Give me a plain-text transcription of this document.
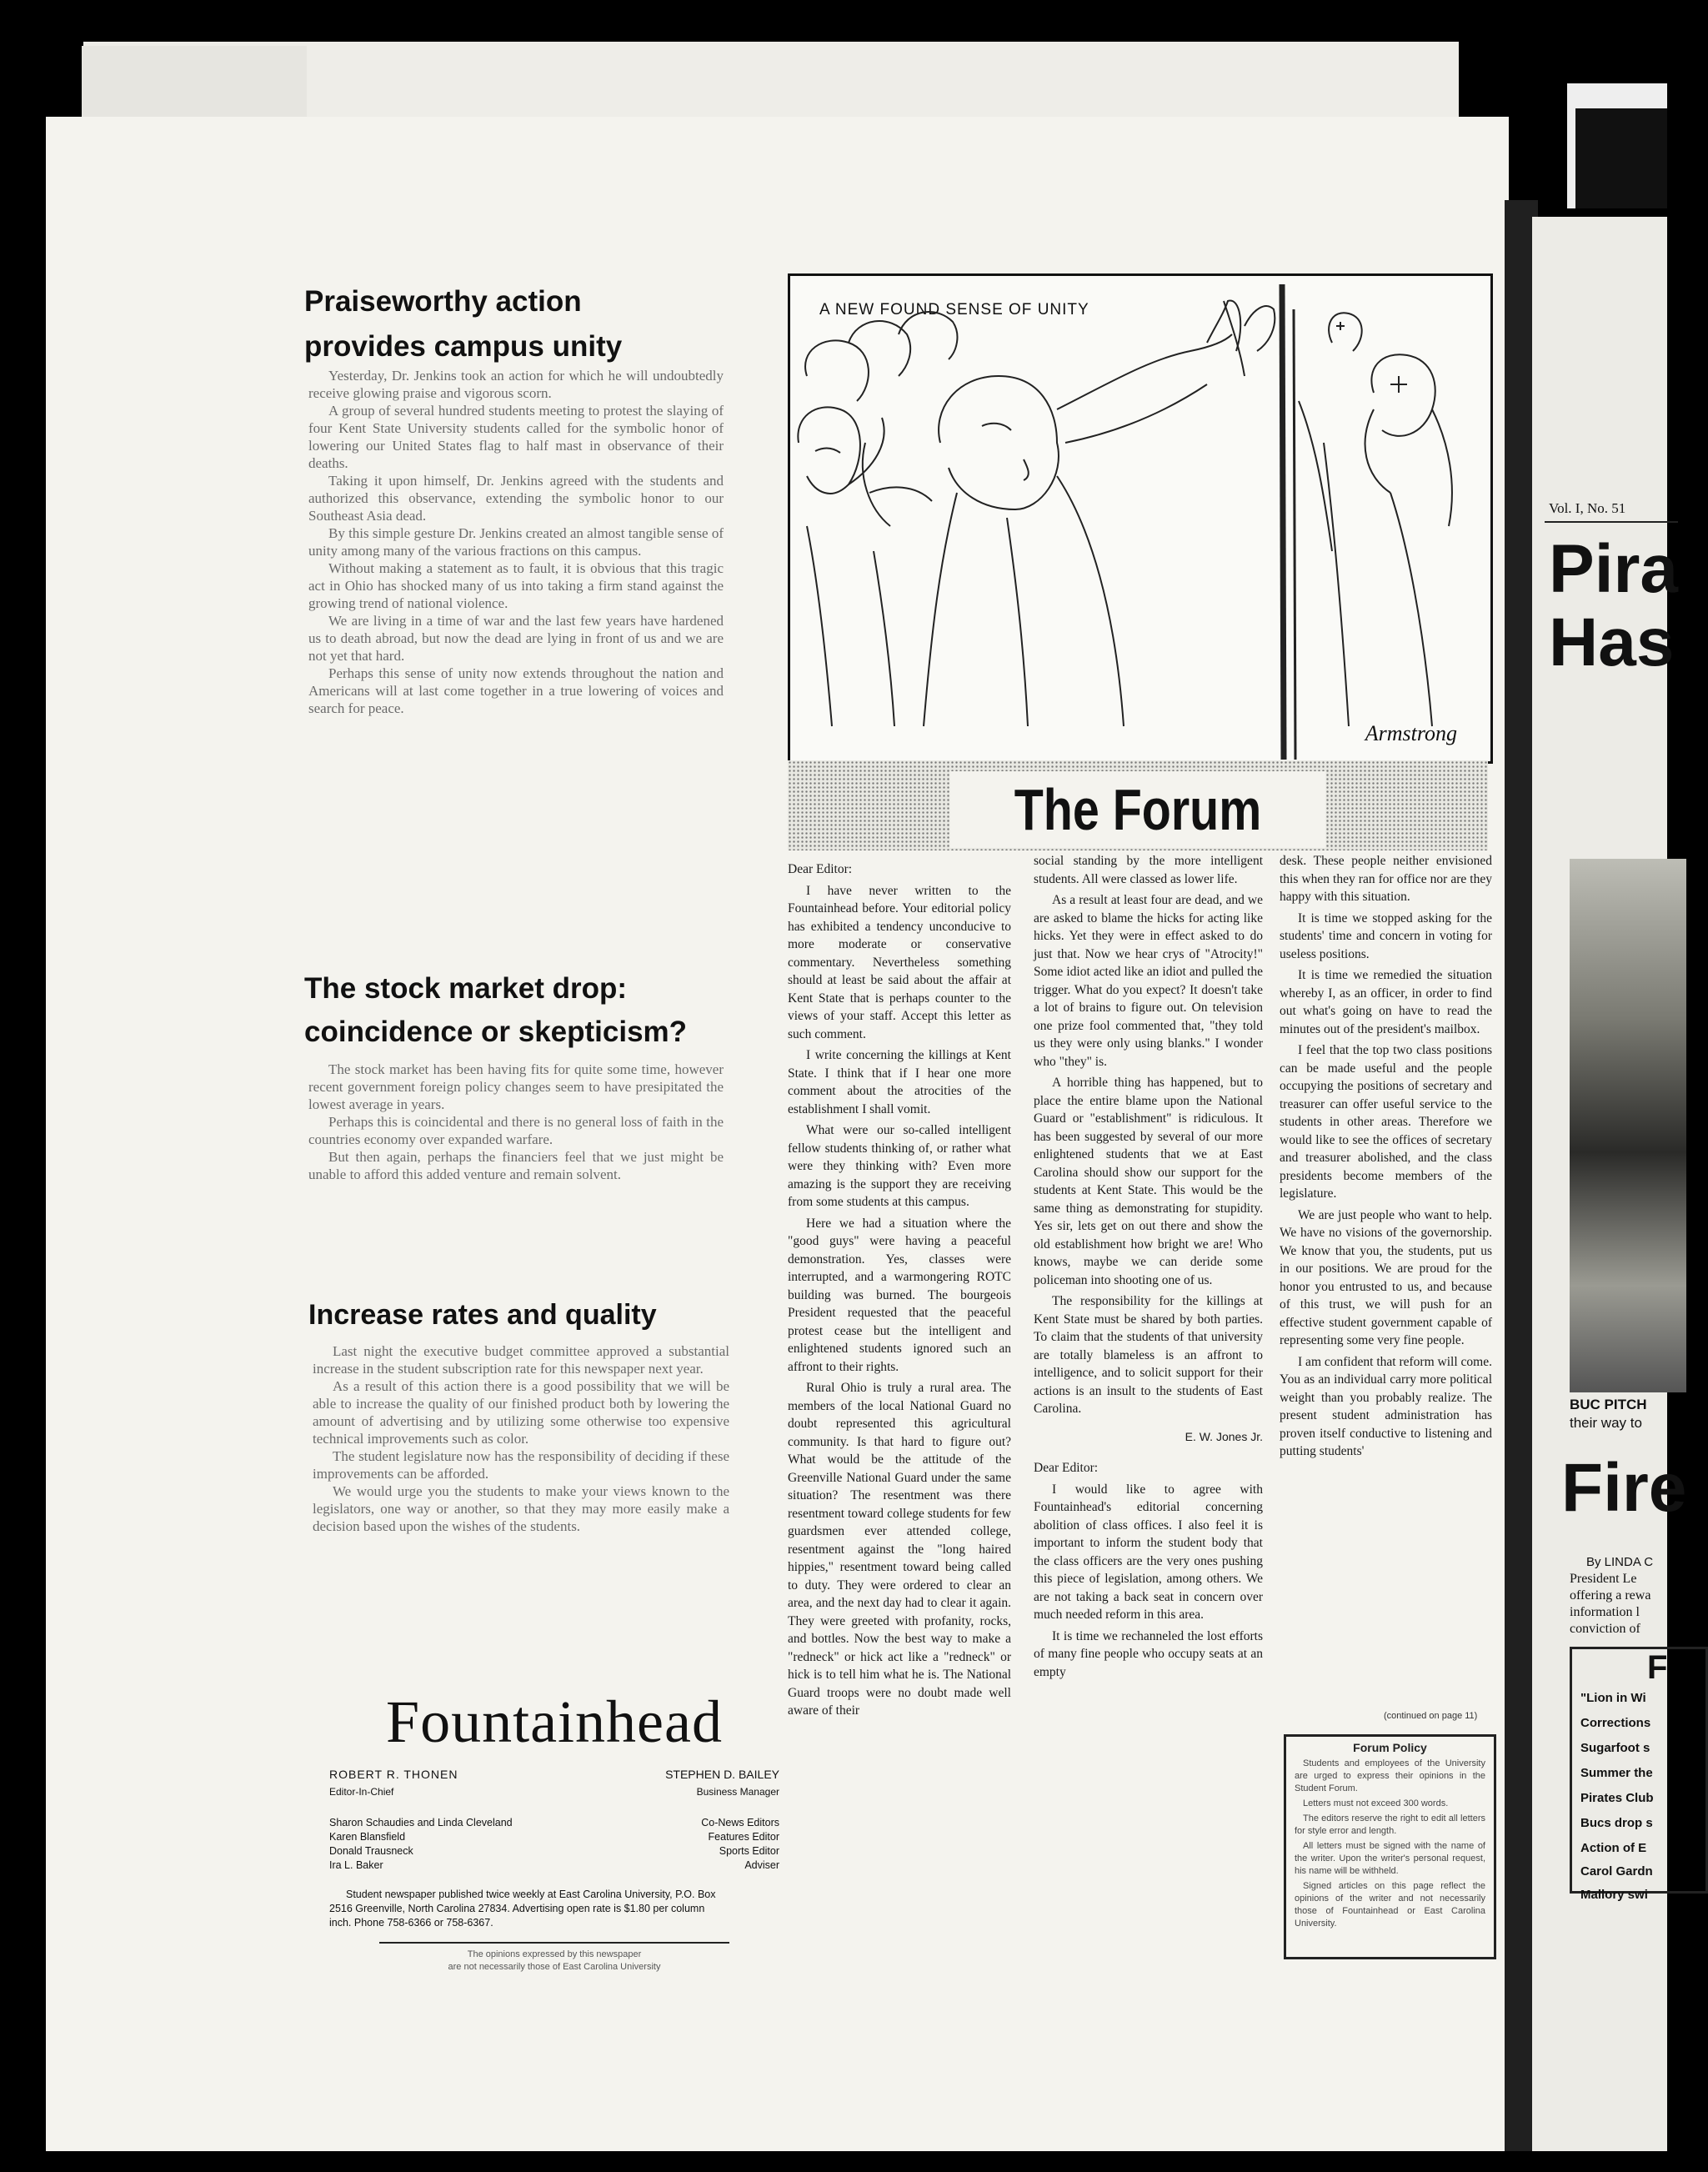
Praiseworthy action
provides campus unity

Yesterday, Dr. Jenkins took an action for which he will undoubtedly receive glowing praise and vigorous scorn.

A group of several hundred students meeting to protest the slaying of four Kent State University students called for the symbolic honor of lowering our United States flag to half mast in observance of their deaths.

Taking it upon himself, Dr. Jenkins agreed with the students and authorized this observance, extending the symbolic honor to our Southeast Asia dead.

By this simple gesture Dr. Jenkins created an almost tangible sense of unity among many of the various fractions on this campus.

Without making a statement as to fault, it is obvious that this tragic act in Ohio has shocked many of us into taking a firm stand against the growing trend of national violence.

We are living in a time of war and the last few years have hardened us to death abroad, but now the dead are lying in front of us and we are not yet that hard.

Perhaps this sense of unity now extends throughout the nation and Americans will at last come together in a true lowering of voices and search for peace.

The stock market drop:
coincidence or skepticism?

The stock market has been having fits for quite some time, however recent government foreign policy changes seem to have presipitated the lowest average in years.

Perhaps this is coincidental and there is no general loss of faith in the countries economy over expanded warfare.

But then again, perhaps the financiers feel that we just might be unable to afford this added venture and remain solvent.

Increase rates and quality

Last night the executive budget committee approved a substantial increase in the student subscription rate for this newspaper next year.

As a result of this action there is a good possibility that we will be able to increase the quality of our finished product both by lowering the amount of advertising and by utilizing some otherwise too expensive technical improvements such as color.

The student legislature now has the responsibility of deciding if these improvements can be afforded.

We would urge you the students to make your views known to the legislators, one way or another, so that they may more easily make a decision based upon the wishes of the students.

Fountainhead
ROBERT R. THONEN
Editor-In-Chief
STEPHEN D. BAILEY
Business Manager
Sharon Schaudies and Linda Cleveland	Co-News Editors
Karen Blansfield	Features Editor
Donald Trausneck	Sports Editor
Ira L. Baker	Adviser
Student newspaper published twice weekly at East Carolina University, P.O. Box 2516 Greenville, North Carolina 27834. Advertising open rate is $1.80 per column inch. Phone 758-6366 or 758-6367.
The opinions expressed by this newspaper
are not necessarily those of East Carolina University
A NEW FOUND SENSE OF UNITY
Armstrong
The Forum

Dear Editor:

I have never written to the Fountainhead before. Your editorial policy has exhibited a tendency unconducive to more moderate or conservative commentary. Nevertheless something should at least be said about the affair at Kent State that is perhaps counter to the views of your staff. Accept this letter as such comment.

I write concerning the killings at Kent State. I think that if I hear one more comment about the atrocities of the establishment I shall vomit.

What were our so-called intelligent fellow students thinking of, or rather what were they thinking with? Even more amazing is the support they are receiving from some students at this campus.

Here we had a situation where the "good guys" were having a peaceful demonstration. Yes, classes were interrupted, and a warmongering ROTC building was burned. The bourgeois President requested that the peaceful protest cease but the intelligent and enlightened students ignored such an affront to their rights.

Rural Ohio is truly a rural area. The members of the local National Guard no doubt represented this agricultural community. Is that hard to figure out? What would be the attitude of the Greenville National Guard under the same situation? The resentment was there resentment toward college students for few guardsmen ever attended college, resentment against the "long haired hippies," resentment toward being called to duty. They were ordered to clear an area, and the next day had to clear it again. They were greeted with profanity, rocks, and bottles. Now the best way to make a "redneck" or hick act like a "redneck" or hick is to tell him what he is. The National Guard troops were no doubt made well aware of their

social standing by the more intelligent students. All were classed as lower life.

As a result at least four are dead, and we are asked to blame the hicks for acting like hicks. Yet they were in effect asked to do just that. Now we hear crys of "Atrocity!" Some idiot acted like an idiot and pulled the trigger. What do you expect? It doesn't take a lot of brains to figure out. On television one prize fool commented that, "they told us they were only using blanks." I wonder who "they" is.

A horrible thing has happened, but to place the entire blame upon the National Guard or "establishment" is ridiculous. It has been suggested by several of our more enlightened students that we at East Carolina should show our support for the students at Kent State. This would be the same thing as demonstrating for stupidity. Yes sir, lets get on out there and show the old establishment how bright we are! Who knows, maybe we can deride some policeman into shooting one of us.

The responsibility for the killings at Kent State must be shared by both parties. To claim that the students of that university are totally blameless is an affront to intelligence, and to solicit support for their actions is an insult to the students of East Carolina.

E. W. Jones Jr.

Dear Editor:

I would like to agree with Fountainhead's editorial concerning abolition of class offices. I also feel it is important to inform the student body that the class officers are the very ones pushing this piece of legislation, among others. We are not taking a back seat in concern over much needed reform in this area.

It is time we rechanneled the lost efforts of many fine people who occupy seats at an empty

desk. These people neither envisioned this when they ran for office nor are they happy with this situation.

It is time we stopped asking for the students' time and concern in voting for useless positions.

It is time we remedied the situation whereby I, as an officer, in order to find out what's going on have to read the minutes out of the president's mailbox.

I feel that the top two class positions can be made useful and the people occupying the positions of secretary and treasurer can offer useful service to the students in other areas. Therefore we would like to see the offices of secretary and treasurer abolished, and the class presidents become members of the legislature.

We are just people who want to help. We have no visions of the governorship. We know that you, the students, put us in our positions. We are proud for the honor you entrusted to us, and because of this trust, we will push for an effective student government capable of representing some very fine people.

I am confident that reform will come. You as an individual carry more political weight than you probably realize. The present student administration has proven itself conductive to listening and putting students'

(continued on page 11)
Forum Policy

Students and employees of the University are urged to express their opinions in the Student Forum.

Letters must not exceed 300 words.

The editors reserve the right to edit all letters for style error and length.

All letters must be signed with the name of the writer. Upon the writer's personal request, his name will be withheld.

Signed articles on this page reflect the opinions of the writer and not necessarily those of Fountainhead or East Carolina University.

Vol. I, No. 51
Pira
Has
BUC PITCH
their way to
Fire
By LINDA C
President Le
offering a rewa
information l
conviction of
F
"Lion in Wi
Corrections
Sugarfoot s
Summer the
Pirates Club
Bucs drop s
Action of E
Carol Gardn
Mallory swi
